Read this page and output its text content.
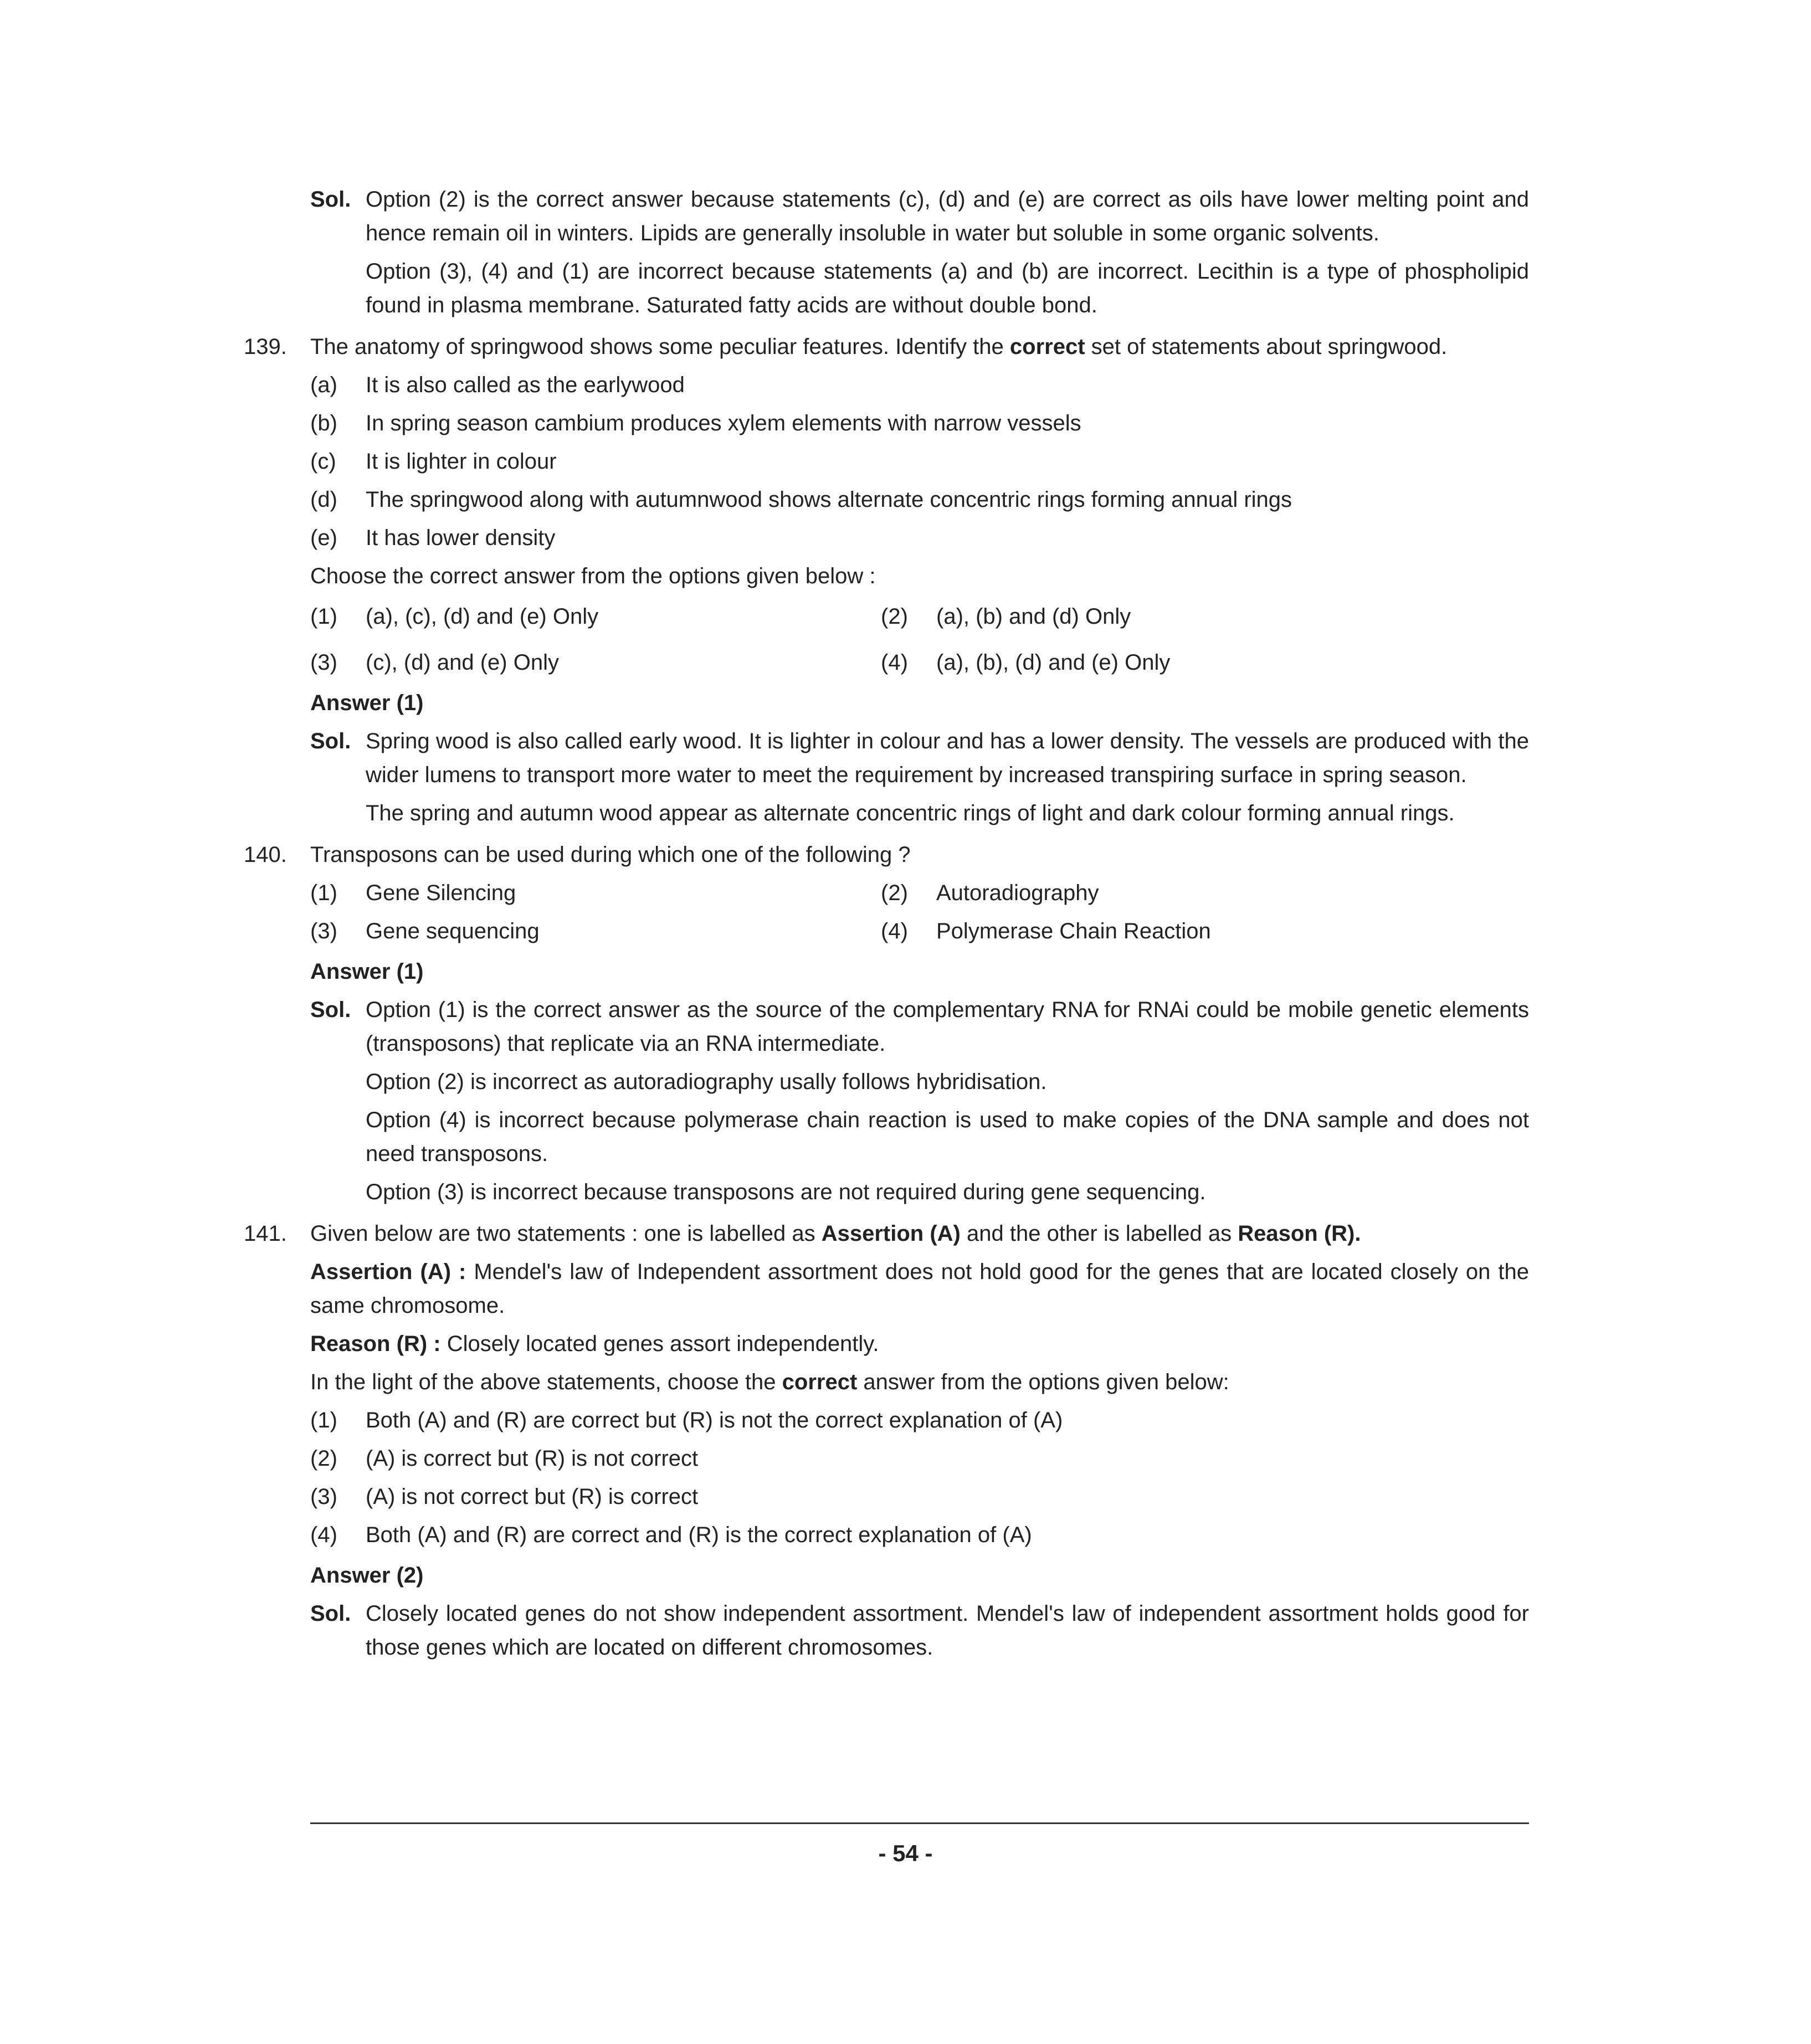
Sol. Option (2) is the correct answer because statements (c), (d) and (e) are correct as oils have lower melting point and hence remain oil in winters. Lipids are generally insoluble in water but soluble in some organic solvents.

Option (3), (4) and (1) are incorrect because statements (a) and (b) are incorrect. Lecithin is a type of phospholipid found in plasma membrane. Saturated fatty acids are without double bond.

139. The anatomy of springwood shows some peculiar features. Identify the correct set of statements about springwood.

(a) It is also called as the earlywood
(b) In spring season cambium produces xylem elements with narrow vessels
(c) It is lighter in colour
(d) The springwood along with autumnwood shows alternate concentric rings forming annual rings
(e) It has lower density

Choose the correct answer from the options given below :

(1) (a), (c), (d) and (e) Only	(2) (a), (b) and (d) Only
(3) (c), (d) and (e) Only	(4) (a), (b), (d) and (e) Only

Answer (1)

Sol. Spring wood is also called early wood. It is lighter in colour and has a lower density. The vessels are produced with the wider lumens to transport more water to meet the requirement by increased transpiring surface in spring season.

The spring and autumn wood appear as alternate concentric rings of light and dark colour forming annual rings.

140. Transposons can be used during which one of the following ?

(1) Gene Silencing	(2) Autoradiography
(3) Gene sequencing	(4) Polymerase Chain Reaction

Answer (1)

Sol. Option (1) is the correct answer as the source of the complementary RNA for RNAi could be mobile genetic elements (transposons) that replicate via an RNA intermediate.

Option (2) is incorrect as autoradiography usally follows hybridisation.

Option (4) is incorrect because polymerase chain reaction is used to make copies of the DNA sample and does not need transposons.

Option (3) is incorrect because transposons are not required during gene sequencing.

141. Given below are two statements : one is labelled as Assertion (A) and the other is labelled as Reason (R).

Assertion (A) : Mendel's law of Independent assortment does not hold good for the genes that are located closely on the same chromosome.

Reason (R) : Closely located genes assort independently.

In the light of the above statements, choose the correct answer from the options given below:

(1) Both (A) and (R) are correct but (R) is not the correct explanation of (A)
(2) (A) is correct but (R) is not correct
(3) (A) is not correct but (R) is correct
(4) Both (A) and (R) are correct and (R) is the correct explanation of (A)

Answer (2)

Sol. Closely located genes do not show independent assortment. Mendel's law of independent assortment holds good for those genes which are located on different chromosomes.

- 54 -
